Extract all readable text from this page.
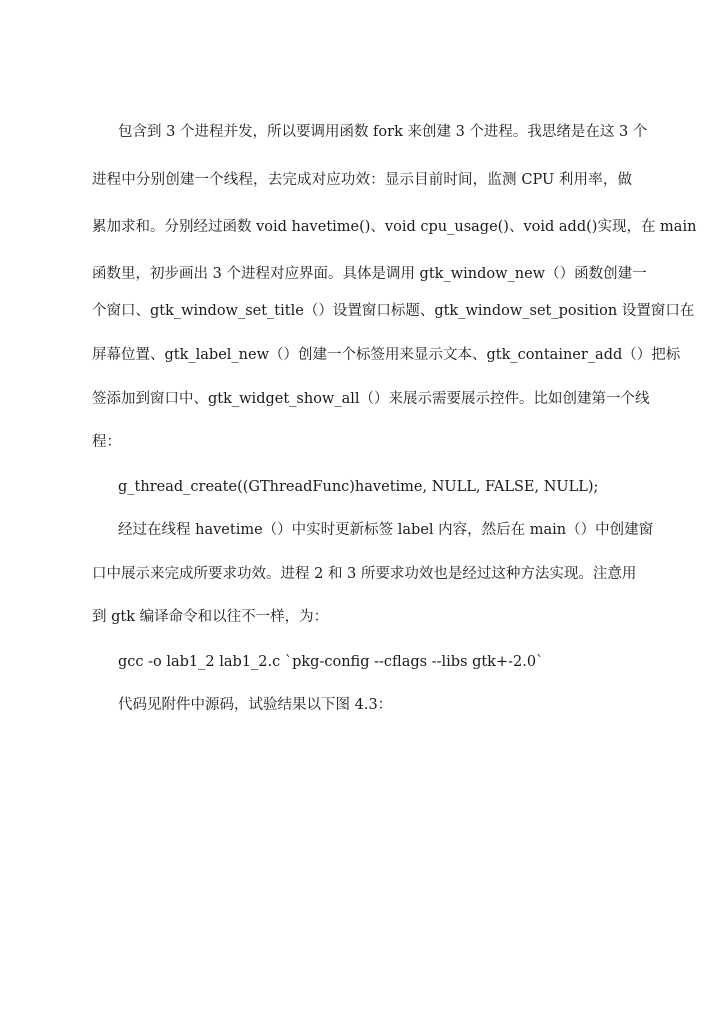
包含到 3 个进程并发，所以要调用函数 fork 来创建 3 个进程。我思绪是在这 3 个
进程中分别创建一个线程，去完成对应功效：显示目前时间，监测 CPU 利用率，做
累加求和。分别经过函数 void havetime()、void cpu_usage()、void add()实现，在 main
函数里，初步画出 3 个进程对应界面。具体是调用 gtk_window_new（）函数创建一
个窗口、gtk_window_set_title（）设置窗口标题、gtk_window_set_position 设置窗口在
屏幕位置、gtk_label_new（）创建一个标签用来显示文本、gtk_container_add（）把标
签添加到窗口中、gtk_widget_show_all（）来展示需要展示控件。比如创建第一个线
程：
g_thread_create((GThreadFunc)havetime, NULL, FALSE, NULL);
经过在线程 havetime（）中实时更新标签 label 内容，然后在 main（）中创建窗
口中展示来完成所要求功效。进程 2 和 3 所要求功效也是经过这种方法实现。注意用
到 gtk 编译命令和以往不一样，为：
gcc -o lab1_2 lab1_2.c `pkg-config --cflags --libs gtk+-2.0`
代码见附件中源码，试验结果以下图 4.3：
